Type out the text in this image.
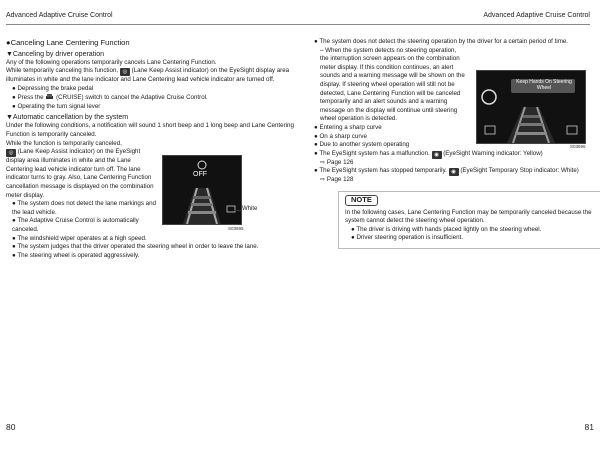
Advanced Adaptive Cruise Control	Advanced Adaptive Cruise Control
●Canceling Lane Centering Function
▼Canceling by driver operation

Any of the following operations temporarily cancels Lane Centering Function.

While temporarily canceling this function, ◎ (Lane Keep Assist indicator) on the EyeSight display area illuminates in white and the lane indicator and Lane Centering lead vehicle indicator are turned off.

● Depressing the brake pedal

● Press the (CRUISE) switch to cancel the Adaptive Cruise Control.

● Operating the turn signal lever

▼Automatic cancellation by the system

Under the following conditions, a notification will sound 1 short beep and 1 long beep and Lane Centering Function is temporarily canceled.

While the function is temporarily canceled,

◎ (Lane Keep Assist indicator) on the EyeSight display area illuminates in white and the Lane Centering lead vehicle indicator turn off. The lane indicator turns to gray. Also, Lane Centering Function cancellation message is displayed on the combination meter display.

● The system does not detect the lane markings and the lead vehicle.

● The Adaptive Cruise Control is automatically canceled.

● The windshield wiper operates at a high speed.

● The system judges that the driver operated the steering wheel in order to leave the lane.

● The steering wheel is operated aggressively.

OFF
White
S03695

● The system does not detect the steering operation by the driver for a certain period of time.

– When the system detects no steering operation, the interruption screen appears on the combination meter display. If this condition continues, an alert sounds and a warning message will be shown on the display. If steering wheel operation will still not be detected, Lane Centering Function will be canceled temporarily and an alert sounds and a warning message on the display will continue until steering wheel operation is detected.

● Entering a sharp curve

● On a sharp curve

● Due to another system operating

● The EyeSight system has a malfunction. ◉ (EyeSight Warning indicator: Yellow)

⇨ Page 126

● The EyeSight system has stopped temporarily. ◉ (EyeSight Temporary Stop indicator: White)

⇨ Page 128

NOTE

In the following cases, Lane Centering Function may be temporarily canceled because the system cannot detect the steering wheel operation.

● The driver is driving with hands placed lightly on the steering wheel.

● Driver steering operation is insufficient.

Keep Hands On Steering Wheel
S03696
80	81
